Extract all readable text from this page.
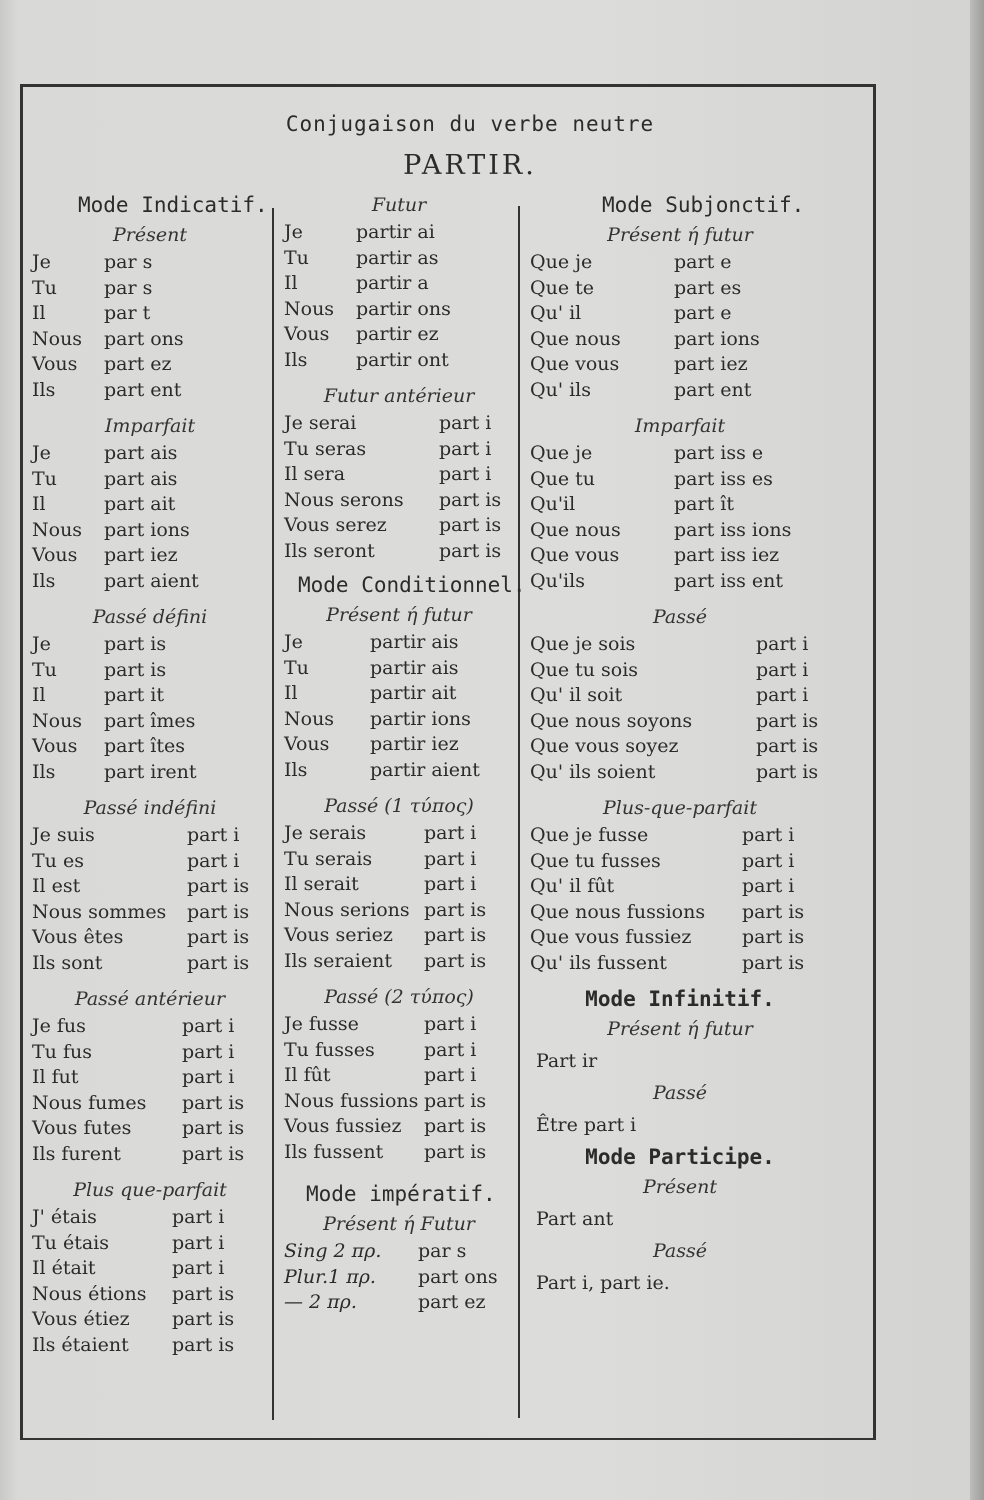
Conjugaison du verbe neutre
PARTIR.
Mode Indicatif.
Présent
Je	par s
Tu	par s
Il	par t
Nous	part ons
Vous	part ez
Ils	part ent
Imparfait
Je	part ais
Tu	part ais
Il	part ait
Nous	part ions
Vous	part iez
Ils	part aient
Passé défini
Je	part is
Tu	part is
Il	part it
Nous	part îmes
Vous	part îtes
Ils	part irent
Passé indéfini
Je suis	part i
Tu es	part i
Il est	part is
Nous sommes	part is
Vous êtes	part is
Ils sont	part is
Passé antérieur
Je fus	part i
Tu fus	part i
Il fut	part i
Nous fumes	part is
Vous futes	part is
Ils furent	part is
Plus que-parfait
J' étais	part i
Tu étais	part i
Il était	part i
Nous étions	part is
Vous étiez	part is
Ils étaient	part is
Futur
Je	partir ai
Tu	partir as
Il	partir a
Nous	partir ons
Vous	partir ez
Ils	partir ont
Futur antérieur
Je serai	part i
Tu seras	part i
Il sera	part i
Nous serons	part is
Vous serez	part is
Ils seront	part is
Mode Conditionnel.
Présent ή futur
Je	partir ais
Tu	partir ais
Il	partir ait
Nous	partir ions
Vous	partir iez
Ils	partir aient
Passé (1 τύπος)
Je serais	part i
Tu serais	part i
Il serait	part i
Nous serions part is
Vous seriez	part is
Ils seraient	part is
Passé (2 τύπος)
Je fusse	part i
Tu fusses	part i
Il fût	part i
Nous fussions part is
Vous fussiez	part is
Ils fussent	part is
Mode impératif.
Présent ή Futur
Sing 2 πρ.	par s
Plur.1 πρ.	part ons
— 2 πρ.	part ez
Mode Subjonctif.
Présent ή futur
Que je	part e
Que te	part es
Qu' il	part e
Que nous	part ions
Que vous	part iez
Qu' ils	part ent
Imparfait
Que je	part iss e
Que tu	part iss es
Qu'il	part ît
Que nous	part iss ions
Que vous	part iss iez
Qu'ils	part iss ent
Passé
Que je sois	part i
Que tu sois	part i
Qu' il soit	part i
Que nous soyons	part is
Que vous soyez	part is
Qu' ils soient	part is
Plus-que-parfait
Que je fusse	part i
Que tu fusses	part i
Qu' il fût	part i
Que nous fussions	part is
Que vous fussiez	part is
Qu' ils fussent	part is
Mode Infinitif.
Présent ή futur
Part ir
Passé
Être part i
Mode Participe.
Présent
Part ant
Passé
Part i, part ie.
